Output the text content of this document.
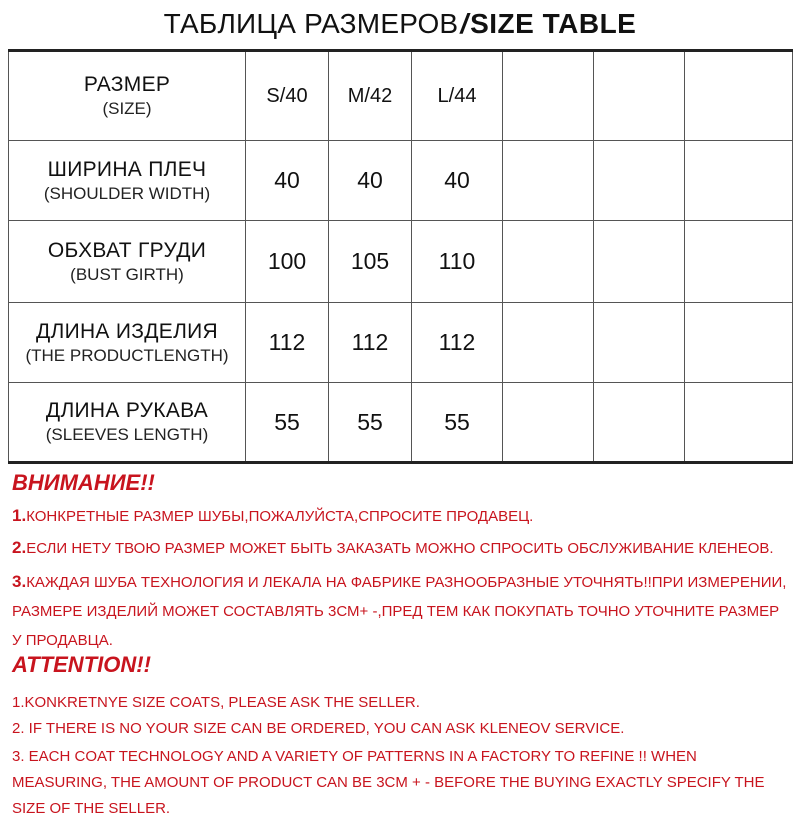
ТАБЛИЦА РАЗМЕРОВ/SIZE TABLE
РАЗМЕР
(SIZE)	S/40	M/42	L/44			

ШИРИНА ПЛЕЧ
(SHOULDER WIDTH)	40	40	40			

ОБХВАТ ГРУДИ
(BUST GIRTH)	100	105	110			

ДЛИНА ИЗДЕЛИЯ
(THE PRODUCTLENGTH)	112	112	112			

ДЛИНА РУКАВА
(SLEEVES LENGTH)	55	55	55			
ВНИМАНИЕ!!
1.КОНКРЕТНЫЕ РАЗМЕР ШУБЫ,ПОЖАЛУЙСТА,СПРОСИТЕ ПРОДАВЕЦ.
2.ЕСЛИ НЕТУ ТВОЮ РАЗМЕР МОЖЕТ БЫТЬ ЗАКАЗАТЬ МОЖНО СПРОСИТЬ ОБСЛУЖИВАНИЕ КЛЕНЕОВ.
3.КАЖДАЯ ШУБА ТЕХНОЛОГИЯ И ЛЕКАЛА НА ФАБРИКЕ РАЗНООБРАЗНЫЕ УТОЧНЯТЬ!!ПРИ ИЗМЕРЕНИИ, РАЗМЕРЕ ИЗДЕЛИЙ МОЖЕТ СОСТАВЛЯТЬ 3СМ+ -,ПРЕД ТЕМ КАК ПОКУПАТЬ ТОЧНО УТОЧНИТЕ РАЗМЕР У ПРОДАВЦА.
ATTENTION!!
1.KONKRETNYE SIZE COATS, PLEASE ASK THE SELLER.
2. IF THERE IS NO YOUR SIZE CAN BE ORDERED, YOU CAN ASK KLENEOV SERVICE.
3. EACH COAT TECHNOLOGY AND A VARIETY OF PATTERNS IN A FACTORY TO REFINE !! WHEN MEASURING, THE AMOUNT OF PRODUCT CAN BE 3CM + - BEFORE THE BUYING EXACTLY SPECIFY THE SIZE OF THE SELLER.
